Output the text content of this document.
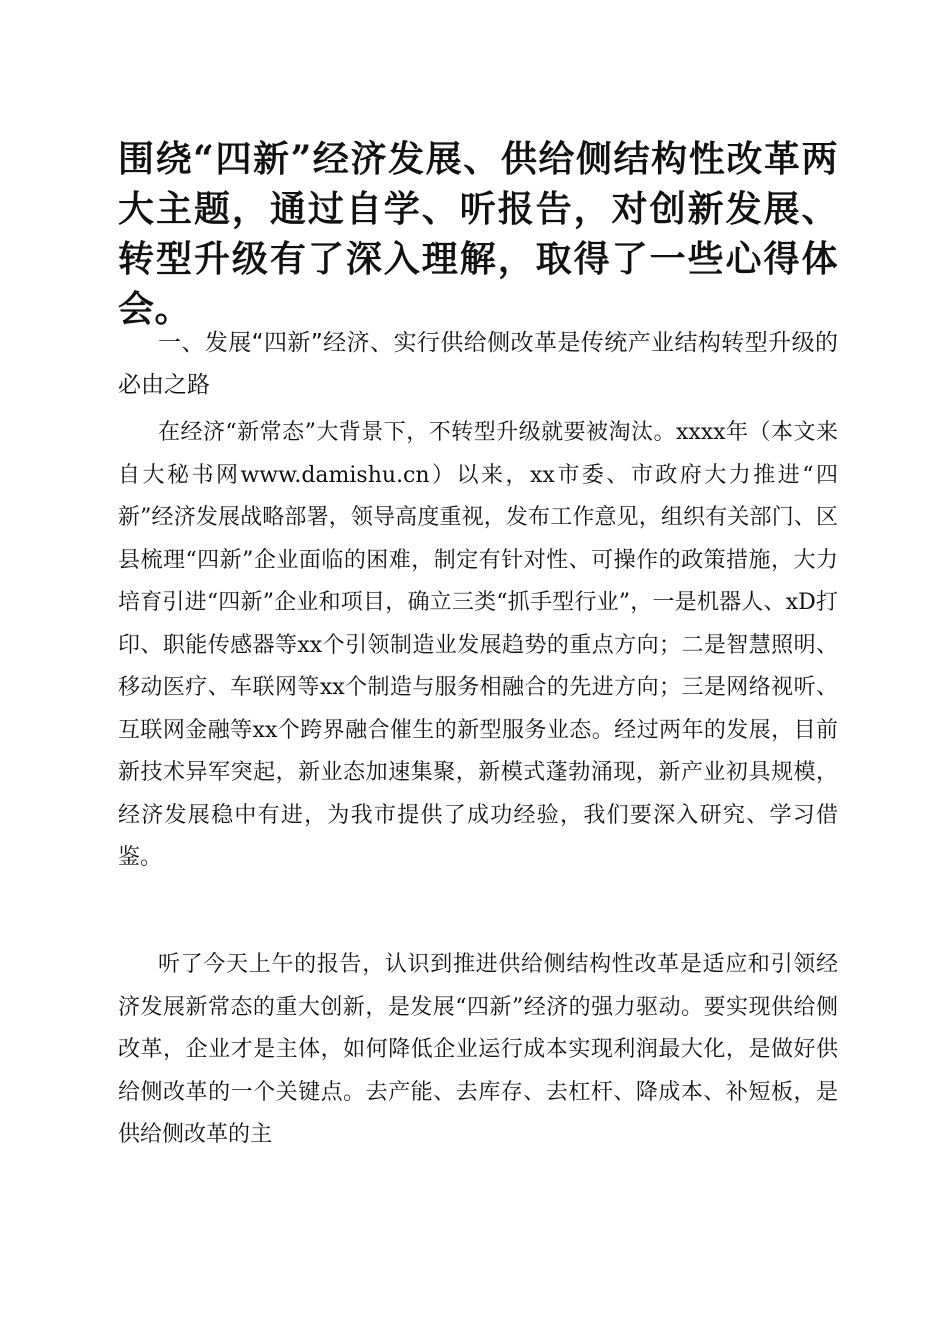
围绕“四新”经济发展、供给侧结构性改革两大主题，通过自学、听报告，对创新发展、转型升级有了深入理解，取得了一些心得体会。
一、发展“四新”经济、实行供给侧改革是传统产业结构转型升级的必由之路

在经济“新常态”大背景下，不转型升级就要被淘汰。xxxx年（本文来自大秘书网www.damishu.cn）以来，xx市委、市政府大力推进“四新”经济发展战略部署，领导高度重视，发布工作意见，组织有关部门、区县梳理“四新”企业面临的困难，制定有针对性、可操作的政策措施，大力培育引进“四新”企业和项目，确立三类“抓手型行业”，一是机器人、xD打印、职能传感器等xx个引领制造业发展趋势的重点方向；二是智慧照明、移动医疗、车联网等xx个制造与服务相融合的先进方向；三是网络视听、互联网金融等xx个跨界融合催生的新型服务业态。经过两年的发展，目前新技术异军突起，新业态加速集聚，新模式蓬勃涌现，新产业初具规模，经济发展稳中有进，为我市提供了成功经验，我们要深入研究、学习借鉴。

听了今天上午的报告，认识到推进供给侧结构性改革是适应和引领经济发展新常态的重大创新，是发展“四新”经济的强力驱动。要实现供给侧改革，企业才是主体，如何降低企业运行成本实现利润最大化，是做好供给侧改革的一个关键点。去产能、去库存、去杠杆、降成本、补短板，是供给侧改革的主
